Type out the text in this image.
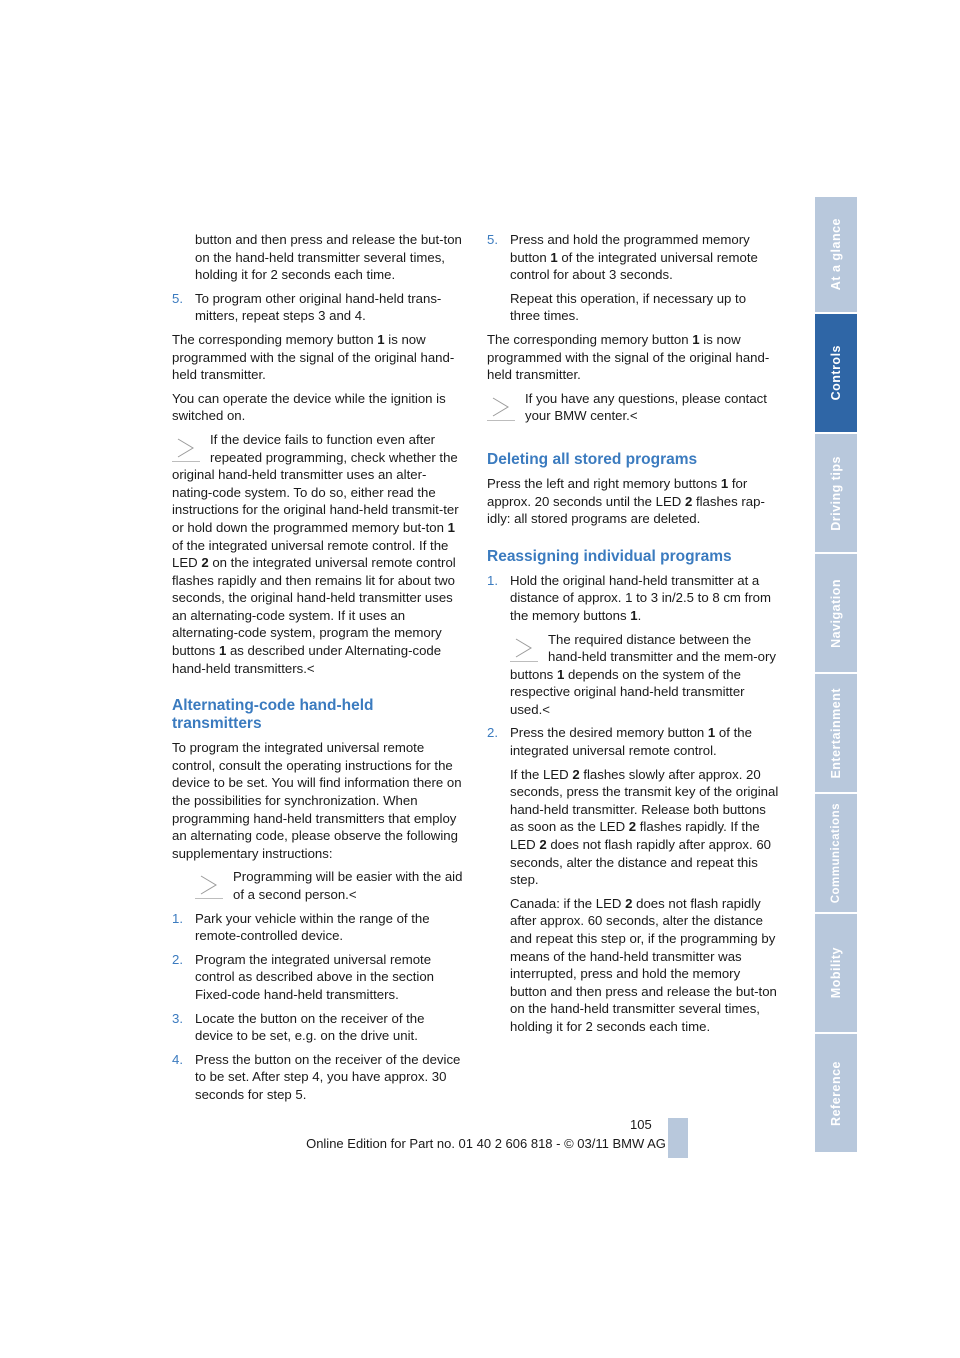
button and then press and release the but-ton on the hand-held transmitter several times, holding it for 2 seconds each time.

5. To program other original hand-held trans-mitters, repeat steps 3 and 4.

The corresponding memory button 1 is now programmed with the signal of the original hand-held transmitter.

You can operate the device while the ignition is switched on.

If the device fails to function even after repeated programming, check whether the original hand-held transmitter uses an alter-nating-code system. To do so, either read the instructions for the original hand-held transmit-ter or hold down the programmed memory but-ton 1 of the integrated universal remote control. If the LED 2 on the integrated universal remote control flashes rapidly and then remains lit for about two seconds, the original hand-held transmitter uses an alternating-code system. If it uses an alternating-code system, program the memory buttons 1 as described under Alternating-code hand-held transmitters.<
Alternating-code hand-held transmitters

To program the integrated universal remote control, consult the operating instructions for the device to be set. You will find information there on the possibilities for synchronization. When programming hand-held transmitters that employ an alternating code, please observe the following supplementary instructions:

Programming will be easier with the aid of a second person.<
1. Park your vehicle within the range of the remote-controlled device.
2. Program the integrated universal remote control as described above in the section Fixed-code hand-held transmitters.
3. Locate the button on the receiver of the device to be set, e.g. on the drive unit.
4. Press the button on the receiver of the device to be set. After step 4, you have approx. 30 seconds for step 5.
5. Press and hold the programmed memory button 1 of the integrated universal remote control for about 3 seconds.

Repeat this operation, if necessary up to three times.

The corresponding memory button 1 is now programmed with the signal of the original hand-held transmitter.

If you have any questions, please contact your BMW center.<
Deleting all stored programs

Press the left and right memory buttons 1 for approx. 20 seconds until the LED 2 flashes rap-idly: all stored programs are deleted.

Reassigning individual programs
1. Hold the original hand-held transmitter at a distance of approx. 1 to 3 in/2.5 to 8 cm from the memory buttons 1.
The required distance between the hand-held transmitter and the mem-ory buttons 1 depends on the system of the respective original hand-held transmitter used.<
2. Press the desired memory button 1 of the integrated universal remote control.

If the LED 2 flashes slowly after approx. 20 seconds, press the transmit key of the original hand-held transmitter. Release both buttons as soon as the LED 2 flashes rapidly. If the LED 2 does not flash rapidly after approx. 60 seconds, alter the distance and repeat this step.

Canada: if the LED 2 does not flash rapidly after approx. 60 seconds, alter the distance and repeat this step or, if the programming by means of the hand-held transmitter was interrupted, press and hold the memory button and then press and release the but-ton on the hand-held transmitter several times, holding it for 2 seconds each time.

At a glance
Controls
Driving tips
Navigation
Entertainment
Communications
Mobility
Reference
105
Online Edition for Part no. 01 40 2 606 818 - © 03/11 BMW AG
